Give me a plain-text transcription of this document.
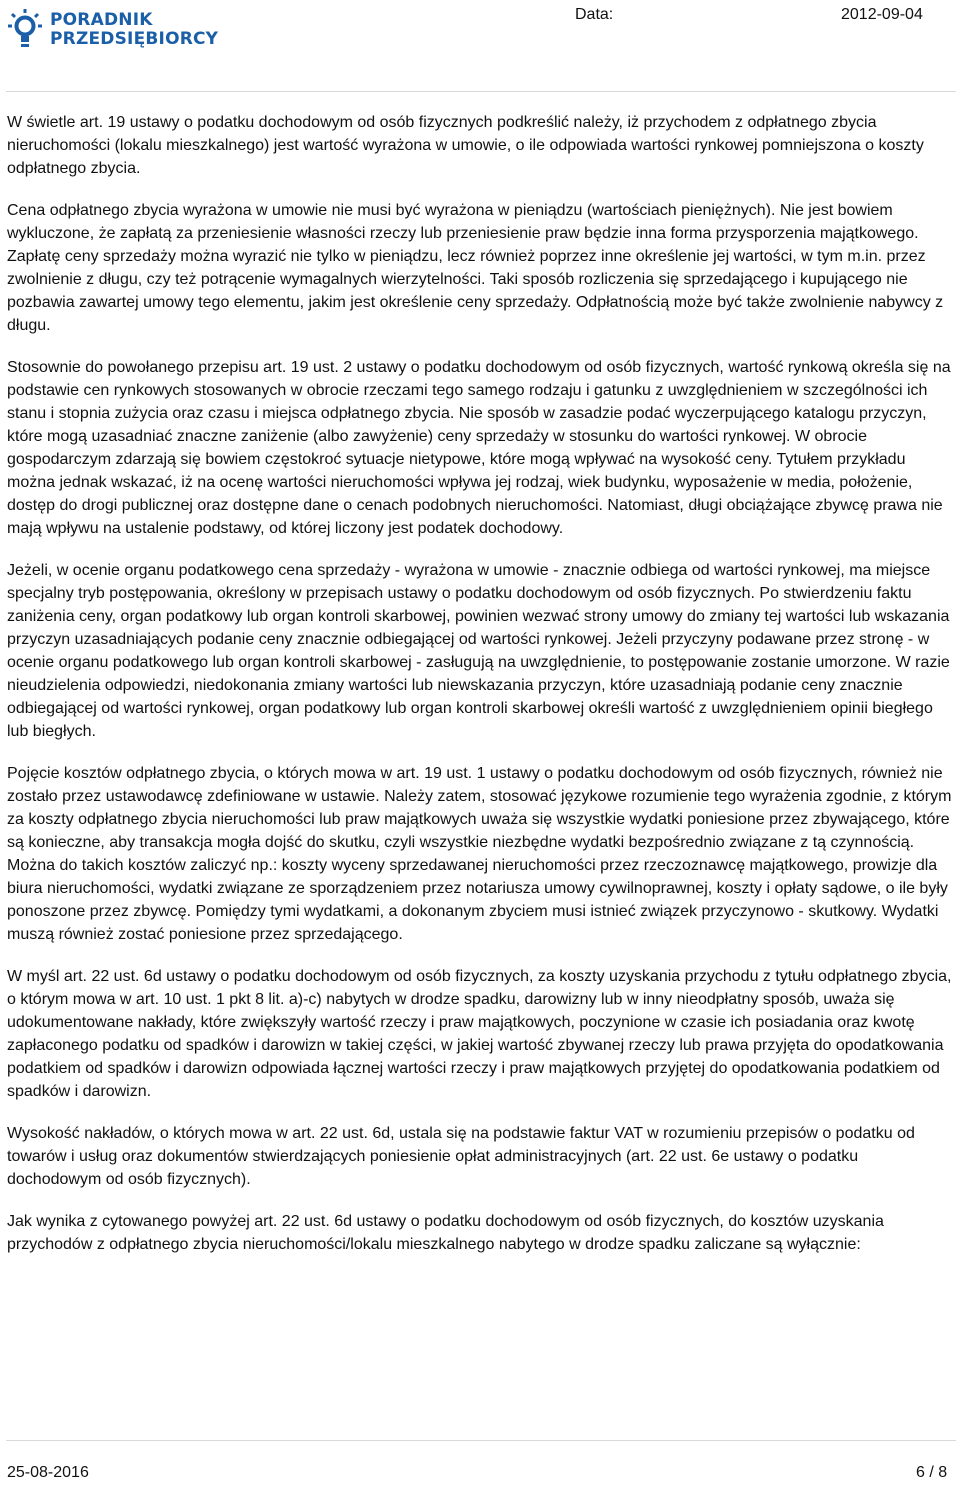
PORADNIK
PRZEDSIĘBIORCY
Data:	2012-09-04

W świetle art. 19 ustawy o podatku dochodowym od osób fizycznych podkreślić należy, iż przychodem z odpłatnego zbycia nieruchomości (lokalu mieszkalnego) jest wartość wyrażona w umowie, o ile odpowiada wartości rynkowej pomniejszona o koszty odpłatnego zbycia.

Cena odpłatnego zbycia wyrażona w umowie nie musi być wyrażona w pieniądzu (wartościach pieniężnych). Nie jest bowiem wykluczone, że zapłatą za przeniesienie własności rzeczy lub przeniesienie praw będzie inna forma przysporzenia majątkowego. Zapłatę ceny sprzedaży można wyrazić nie tylko w pieniądzu, lecz również poprzez inne określenie jej wartości, w tym m.in. przez zwolnienie z długu, czy też potrącenie wymagalnych wierzytelności. Taki sposób rozliczenia się sprzedającego i kupującego nie pozbawia zawartej umowy tego elementu, jakim jest określenie ceny sprzedaży. Odpłatnością może być także zwolnienie nabywcy z długu.

Stosownie do powołanego przepisu art. 19 ust. 2 ustawy o podatku dochodowym od osób fizycznych, wartość rynkową określa się na podstawie cen rynkowych stosowanych w obrocie rzeczami tego samego rodzaju i gatunku z uwzględnieniem w szczególności ich stanu i stopnia zużycia oraz czasu i miejsca odpłatnego zbycia. Nie sposób w zasadzie podać wyczerpującego katalogu przyczyn, które mogą uzasadniać znaczne zaniżenie (albo zawyżenie) ceny sprzedaży w stosunku do wartości rynkowej. W obrocie gospodarczym zdarzają się bowiem częstokroć sytuacje nietypowe, które mogą wpływać na wysokość ceny. Tytułem przykładu można jednak wskazać, iż na ocenę wartości nieruchomości wpływa jej rodzaj, wiek budynku, wyposażenie w media, położenie, dostęp do drogi publicznej oraz dostępne dane o cenach podobnych nieruchomości. Natomiast, długi obciążające zbywcę prawa nie mają wpływu na ustalenie podstawy, od której liczony jest podatek dochodowy.

Jeżeli, w ocenie organu podatkowego cena sprzedaży - wyrażona w umowie - znacznie odbiega od wartości rynkowej, ma miejsce specjalny tryb postępowania, określony w przepisach ustawy o podatku dochodowym od osób fizycznych. Po stwierdzeniu faktu zaniżenia ceny, organ podatkowy lub organ kontroli skarbowej, powinien wezwać strony umowy do zmiany tej wartości lub wskazania przyczyn uzasadniających podanie ceny znacznie odbiegającej od wartości rynkowej. Jeżeli przyczyny podawane przez stronę - w ocenie organu podatkowego lub organ kontroli skarbowej - zasługują na uwzględnienie, to postępowanie zostanie umorzone. W razie nieudzielenia odpowiedzi, niedokonania zmiany wartości lub niewskazania przyczyn, które uzasadniają podanie ceny znacznie odbiegającej od wartości rynkowej, organ podatkowy lub organ kontroli skarbowej określi wartość z uwzględnieniem opinii biegłego lub biegłych.

Pojęcie kosztów odpłatnego zbycia, o których mowa w art. 19 ust. 1 ustawy o podatku dochodowym od osób fizycznych, również nie zostało przez ustawodawcę zdefiniowane w ustawie. Należy zatem, stosować językowe rozumienie tego wyrażenia zgodnie, z którym za koszty odpłatnego zbycia nieruchomości lub praw majątkowych uważa się wszystkie wydatki poniesione przez zbywającego, które są konieczne, aby transakcja mogła dojść do skutku, czyli wszystkie niezbędne wydatki bezpośrednio związane z tą czynnością. Można do takich kosztów zaliczyć np.: koszty wyceny sprzedawanej nieruchomości przez rzeczoznawcę majątkowego, prowizje dla biura nieruchomości, wydatki związane ze sporządzeniem przez notariusza umowy cywilnoprawnej, koszty i opłaty sądowe, o ile były ponoszone przez zbywcę. Pomiędzy tymi wydatkami, a dokonanym zbyciem musi istnieć związek przyczynowo - skutkowy. Wydatki muszą również zostać poniesione przez sprzedającego.

W myśl art. 22 ust. 6d ustawy o podatku dochodowym od osób fizycznych, za koszty uzyskania przychodu z tytułu odpłatnego zbycia, o którym mowa w art. 10 ust. 1 pkt 8 lit. a)-c) nabytych w drodze spadku, darowizny lub w inny nieodpłatny sposób, uważa się udokumentowane nakłady, które zwiększyły wartość rzeczy i praw majątkowych, poczynione w czasie ich posiadania oraz kwotę zapłaconego podatku od spadków i darowizn w takiej części, w jakiej wartość zbywanej rzeczy lub prawa przyjęta do opodatkowania podatkiem od spadków i darowizn odpowiada łącznej wartości rzeczy i praw majątkowych przyjętej do opodatkowania podatkiem od spadków i darowizn.

Wysokość nakładów, o których mowa w art. 22 ust. 6d, ustala się na podstawie faktur VAT w rozumieniu przepisów o podatku od towarów i usług oraz dokumentów stwierdzających poniesienie opłat administracyjnych (art. 22 ust. 6e ustawy o podatku dochodowym od osób fizycznych).

Jak wynika z cytowanego powyżej art. 22 ust. 6d ustawy o podatku dochodowym od osób fizycznych, do kosztów uzyskania przychodów z odpłatnego zbycia nieruchomości/lokalu mieszkalnego nabytego w drodze spadku zaliczane są wyłącznie:

25-08-2016	6 / 8
